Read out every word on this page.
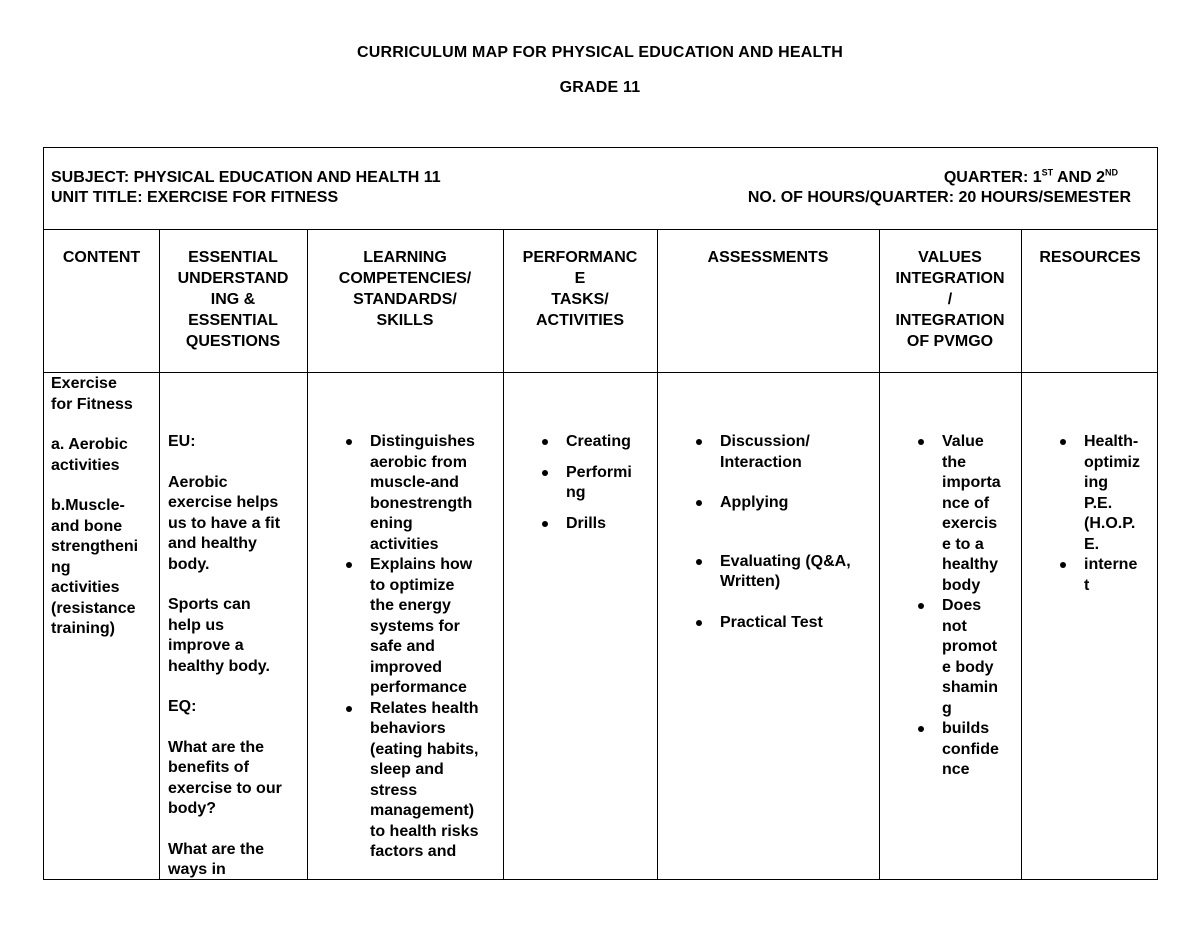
CURRICULUM MAP FOR PHYSICAL EDUCATION AND HEALTH
GRADE 11
SUBJECT: PHYSICAL EDUCATION AND HEALTH 11
UNIT TITLE: EXERCISE FOR FITNESS
QUARTER: 1ST AND 2ND
NO. OF HOURS/QUARTER: 20 HOURS/SEMESTER
CONTENT	ESSENTIAL
UNDERSTAND
ING &
ESSENTIAL
QUESTIONS
LEARNING
COMPETENCIES/
STANDARDS/
SKILLS
PERFORMANC
E
TASKS/
ACTIVITIES
ASSESSMENTS	VALUES
INTEGRATION
/
INTEGRATION
OF PVMGO
RESOURCES

Exercise
for Fitness

a. Aerobic
activities

b.Muscle-
and bone
strengtheni
ng
activities
(resistance
training)

EU:

Aerobic
exercise helps
us to have a fit
and healthy
body.

Sports can
help us
improve a
healthy body.

EQ:

What are the
benefits of
exercise to our
body?

What are the
ways in

Distinguishes
aerobic from
muscle-and
bonestrength
ening
activities
Explains how
to optimize
the energy
systems for
safe and
improved
performance
Relates health
behaviors
(eating habits,
sleep and
stress
management)
to health risks
factors and
Creating
Performi
ng
Drills
Discussion/
Interaction
Applying
Evaluating (Q&A,
Written)
Practical Test
Value
the
importa
nce of
exercis
e to a
healthy
body
Does
not
promot
e body
shamin
g
builds
confide
nce
Health-
optimiz
ing
P.E.
(H.O.P.
E.
interne
t
